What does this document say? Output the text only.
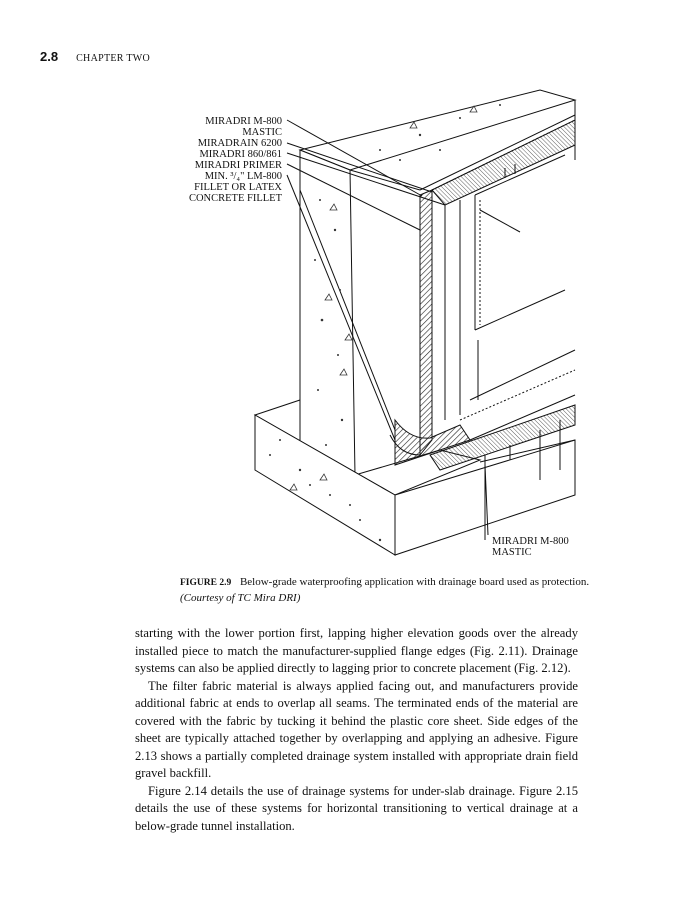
2.8 CHAPTER TWO
MIRADRI M-800
MASTIC
MIRADRAIN 6200
MIRADRI 860/861
MIRADRI PRIMER
MIN. ³/₄" LM-800
FILLET OR LATEX
CONCRETE FILLET
MIRADRI M-800
MASTIC
FIGURE 2.9 Below-grade waterproofing application with drainage board used as protection. (Courtesy of TC Mira DRI)

starting with the lower portion first, lapping higher elevation goods over the already installed piece to match the manufacturer-supplied flange edges (Fig. 2.11). Drainage systems can also be applied directly to lagging prior to concrete placement (Fig. 2.12).

The filter fabric material is always applied facing out, and manufacturers provide additional fabric at ends to overlap all seams. The terminated ends of the material are covered with the fabric by tucking it behind the plastic core sheet. Side edges of the sheet are typically attached together by overlapping and applying an adhesive. Figure 2.13 shows a partially completed drainage system installed with appropriate drain field gravel backfill.

Figure 2.14 details the use of drainage systems for under-slab drainage. Figure 2.15 details the use of these systems for horizontal transitioning to vertical drainage at a below-grade tunnel installation.
